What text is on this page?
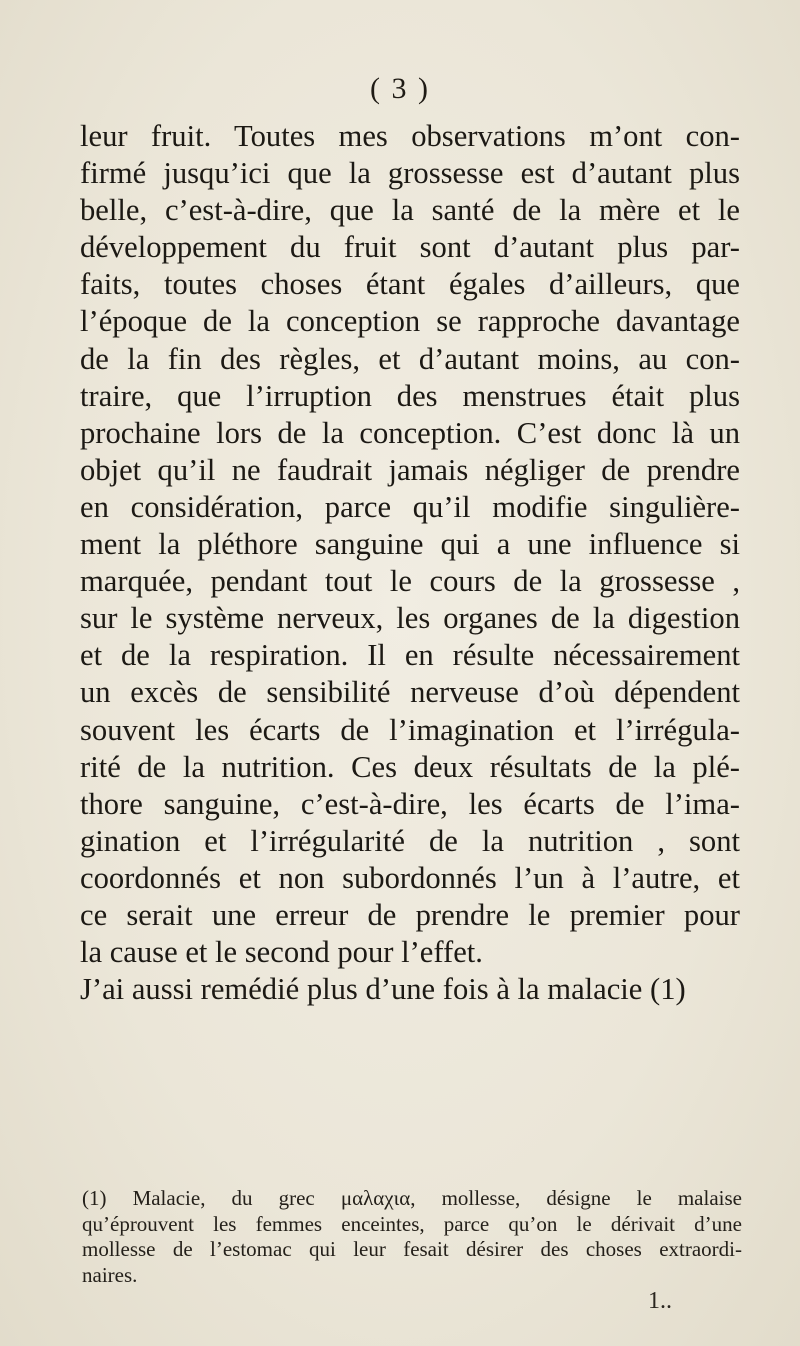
( 3 )
leur fruit. Toutes mes observations m’ont con-
firmé jusqu’ici que la grossesse est d’autant plus
belle, c’est-à-dire, que la santé de la mère et le
développement du fruit sont d’autant plus par-
faits, toutes choses étant égales d’ailleurs, que
l’époque de la conception se rapproche davantage
de la fin des règles, et d’autant moins, au con-
traire, que l’irruption des menstrues était plus
prochaine lors de la conception. C’est donc là un
objet qu’il ne faudrait jamais négliger de prendre
en considération, parce qu’il modifie singulière-
ment la pléthore sanguine qui a une influence si
marquée, pendant tout le cours de la grossesse ,
sur le système nerveux, les organes de la digestion
et de la respiration. Il en résulte nécessairement
un excès de sensibilité nerveuse d’où dépendent
souvent les écarts de l’imagination et l’irrégula-
rité de la nutrition. Ces deux résultats de la plé-
thore sanguine, c’est-à-dire, les écarts de l’ima-
gination et l’irrégularité de la nutrition , sont
coordonnés et non subordonnés l’un à l’autre, et
ce serait une erreur de prendre le premier pour
la cause et le second pour l’effet.
J’ai aussi remédié plus d’une fois à la malacie (1)
(1) Malacie, du grec μαλαχια, mollesse, désigne le malaise
qu’éprouvent les femmes enceintes, parce qu’on le dérivait d’une
mollesse de l’estomac qui leur fesait désirer des choses extraordi-
naires.
1..
